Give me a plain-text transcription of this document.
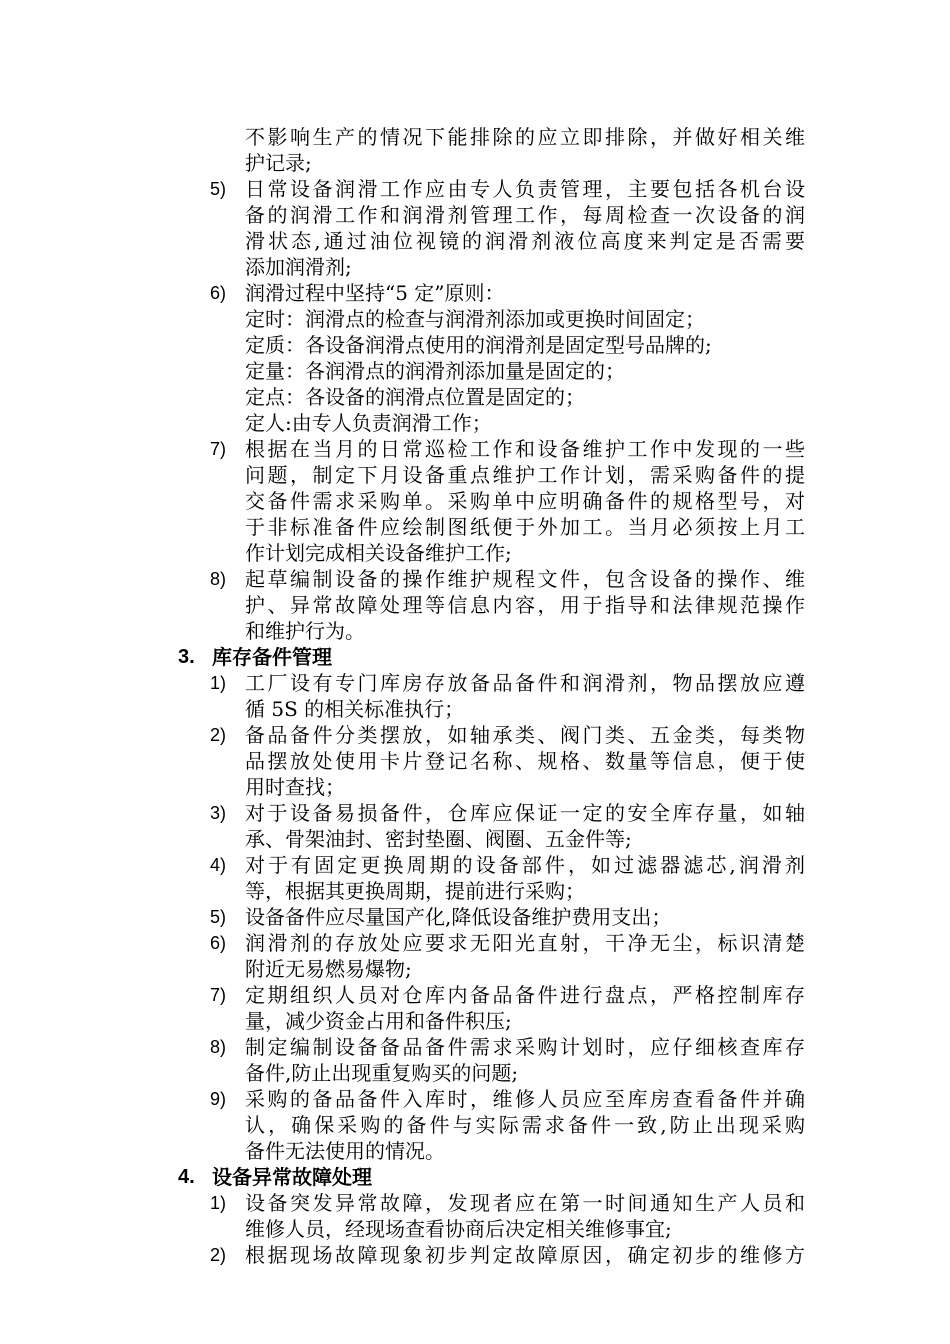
不影响生产的情况下能排除的应立即排除，并做好相关维
护记录;
5) 日常设备润滑工作应由专人负责管理，主要包括各机台设
备的润滑工作和润滑剂管理工作，每周检查一次设备的润
滑状态,通过油位视镜的润滑剂液位高度来判定是否需要
添加润滑剂;
6) 润滑过程中坚持“5 定”原则：
定时：润滑点的检查与润滑剂添加或更换时间固定；
定质：各设备润滑点使用的润滑剂是固定型号品牌的;
定量：各润滑点的润滑剂添加量是固定的；
定点：各设备的润滑点位置是固定的；
定人:由专人负责润滑工作；
7) 根据在当月的日常巡检工作和设备维护工作中发现的一些
问题，制定下月设备重点维护工作计划，需采购备件的提
交备件需求采购单。采购单中应明确备件的规格型号，对
于非标准备件应绘制图纸便于外加工。当月必须按上月工
作计划完成相关设备维护工作;
8) 起草编制设备的操作维护规程文件，包含设备的操作、维
护、异常故障处理等信息内容，用于指导和法律规范操作
和维护行为。
3. 库存备件管理
1) 工厂设有专门库房存放备品备件和润滑剂，物品摆放应遵
循 5S 的相关标准执行；
2) 备品备件分类摆放，如轴承类、阀门类、五金类，每类物
品摆放处使用卡片登记名称、规格、数量等信息，便于使
用时查找；
3) 对于设备易损备件，仓库应保证一定的安全库存量，如轴
承、骨架油封、密封垫圈、阀圈、五金件等;
4) 对于有固定更换周期的设备部件，如过滤器滤芯,润滑剂
等，根据其更换周期，提前进行采购；
5) 设备备件应尽量国产化,降低设备维护费用支出；
6) 润滑剂的存放处应要求无阳光直射，干净无尘，标识清楚
附近无易燃易爆物;
7) 定期组织人员对仓库内备品备件进行盘点，严格控制库存
量，减少资金占用和备件积压;
8) 制定编制设备备品备件需求采购计划时，应仔细核查库存
备件,防止出现重复购买的问题;
9) 采购的备品备件入库时，维修人员应至库房查看备件并确
认，确保采购的备件与实际需求备件一致,防止出现采购
备件无法使用的情况。
4. 设备异常故障处理
1) 设备突发异常故障，发现者应在第一时间通知生产人员和
维修人员，经现场查看协商后决定相关维修事宜;
2) 根据现场故障现象初步判定故障原因，确定初步的维修方
